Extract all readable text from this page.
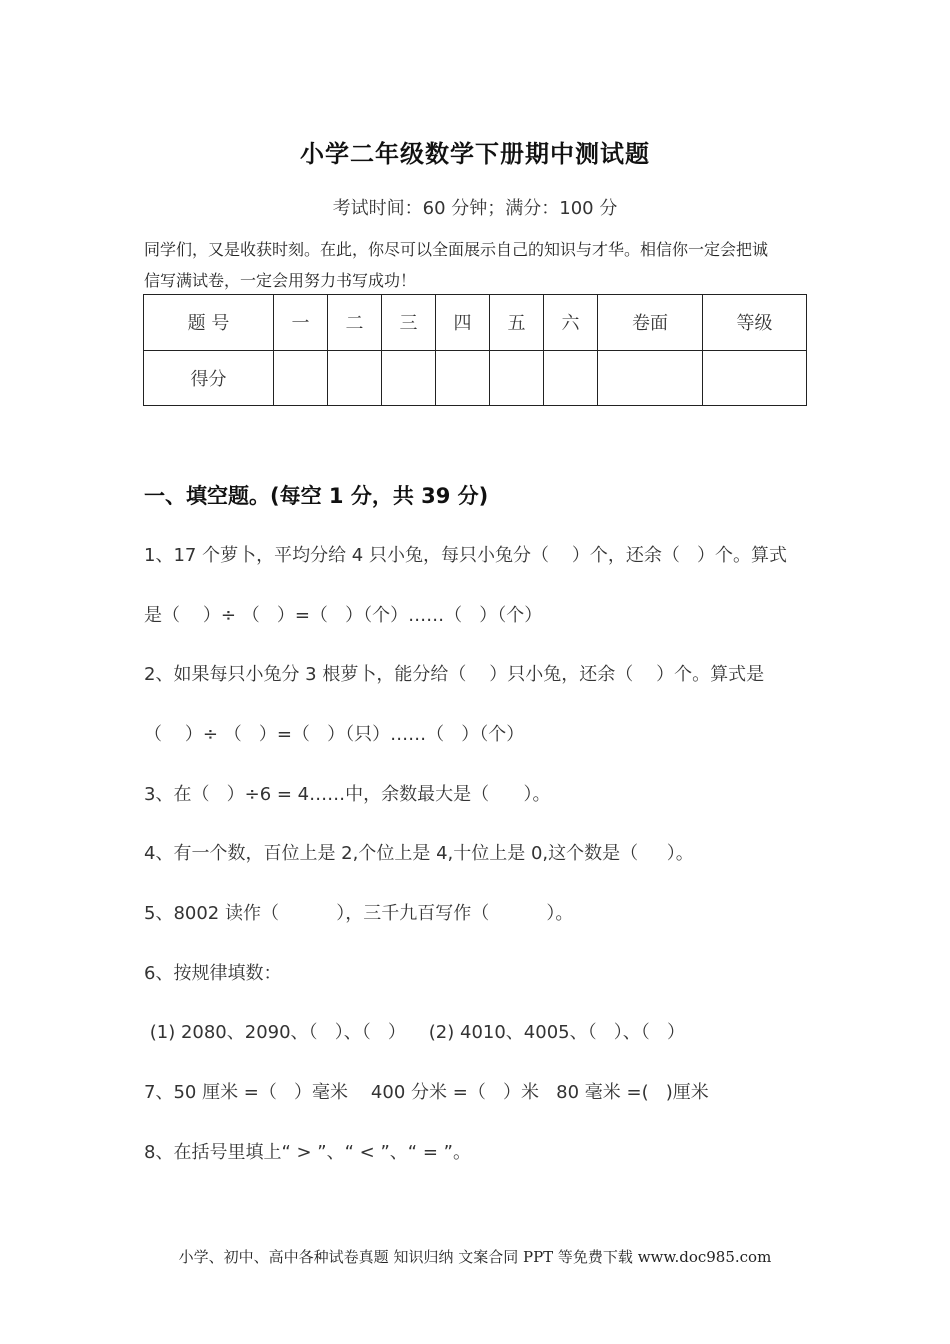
小学二年级数学下册期中测试题
考试时间：60 分钟；满分：100 分
同学们，又是收获时刻。在此，你尽可以全面展示自己的知识与才华。相信你一定会把诚
信写满试卷，一定会用努力书写成功！
题 号	一	二	三	四	五	六	卷面	等级
得分								
一、填空题。(每空 1 分，共 39 分)
1、17 个萝卜，平均分给 4 只小兔，每只小兔分（    ）个，还余（   ）个。算式
是（    ）÷ （   ）=（   ）（个）……（   ）（个）
2、如果每只小兔分 3 根萝卜，能分给（    ）只小兔，还余（    ）个。算式是
（    ）÷ （   ）=（   ）（只）……（   ）（个）
3、在（   ）÷6 = 4……中，余数最大是（      ）。
4、有一个数，百位上是 2,个位上是 4,十位上是 0,这个数是（     ）。
5、8002 读作（          ），三千九百写作（          ）。
6、按规律填数：
(1) 2080、2090、（   ）、（   ）    (2) 4010、4005、（   ）、（   ）
7、50 厘米 =（   ）毫米    400 分米 =（   ）米   80 毫米 =(   )厘米
8、在括号里填上“ > ”、“ < ”、“ = ”。
小学、初中、高中各种试卷真题 知识归纳 文案合同 PPT 等免费下载 www.doc985.com
